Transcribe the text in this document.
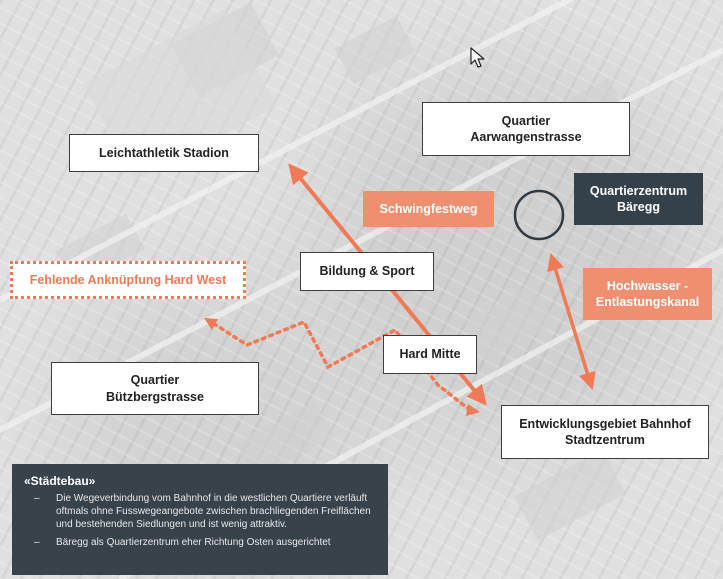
Leichtathletik Stadion
Quartier
Aarwangenstrasse
Schwingfestweg
Quartierzentrum
Bäregg
Fehlende Anknüpfung Hard West
Bildung & Sport
Hochwasser -
Entlastungskanal
Quartier
Bützbergstrasse
Hard Mitte
Entwicklungsgebiet Bahnhof
Stadtzentrum
«Städtebau»
– Die Wegeverbindung vom Bahnhof in die westlichen Quartiere verläuft oftmals ohne Fusswegeangebote zwischen brachliegenden Freiflächen und bestehenden Siedlungen und ist wenig attraktiv.
– Bäregg als Quartierzentrum eher Richtung Osten ausgerichtet
